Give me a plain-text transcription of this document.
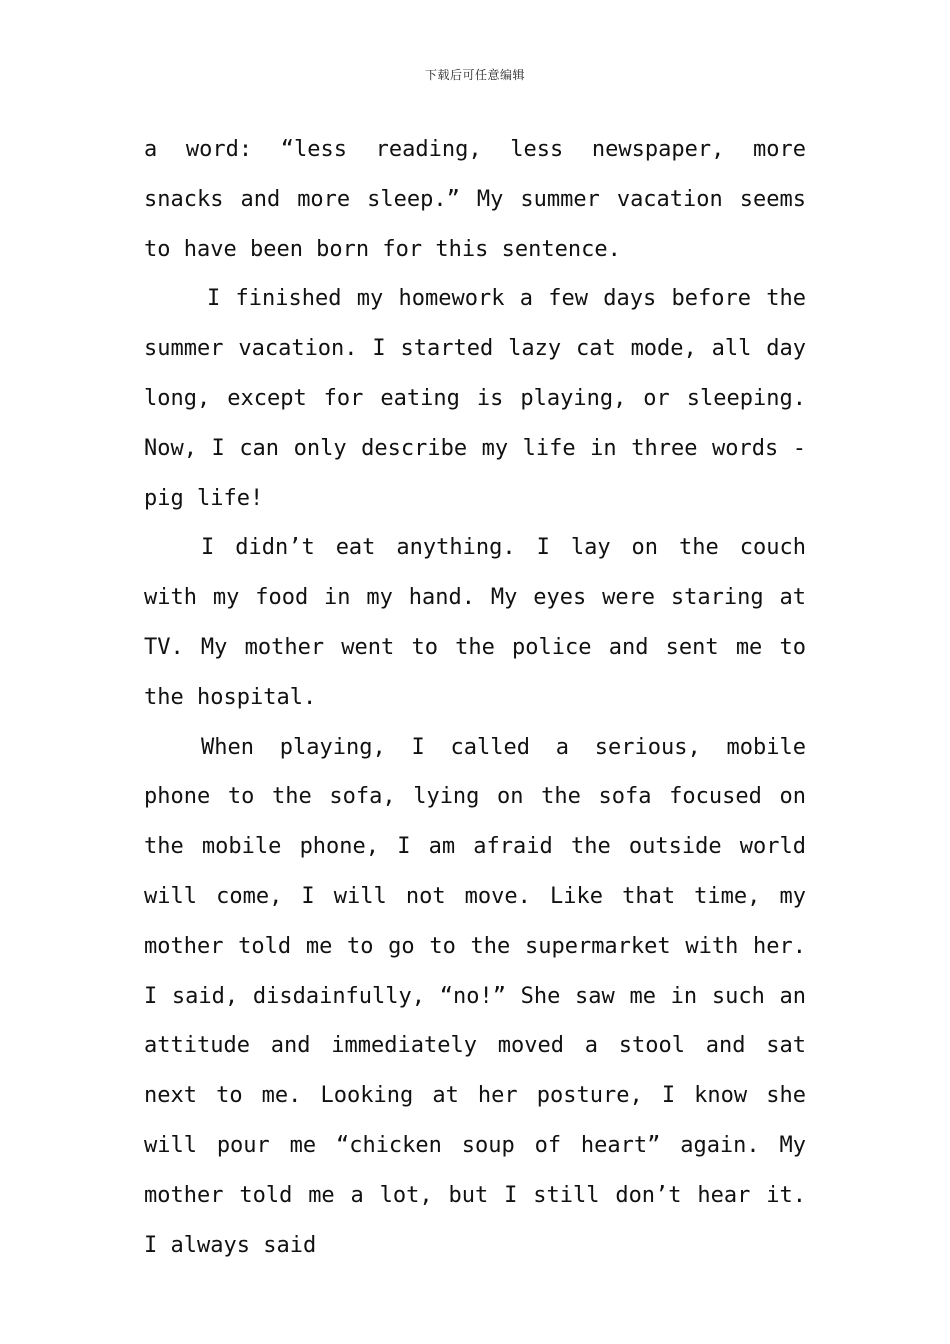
下载后可任意编辑

a word: “less reading, less newspaper, more snacks and more sleep.” My summer vacation seems to have been born for this sentence.

I finished my homework a few days before the summer vacation. I started lazy cat mode, all day long, except for eating is playing, or sleeping. Now, I can only describe my life in three words - pig life!

I didn’t eat anything. I lay on the couch with my food in my hand. My eyes were staring at TV. My mother went to the police and sent me to the hospital.

When playing, I called a serious, mobile phone to the sofa, lying on the sofa focused on the mobile phone, I am afraid the outside world will come, I will not move. Like that time, my mother told me to go to the supermarket with her. I said, disdainfully, “no!” She saw me in such an attitude and immediately moved a stool and sat next to me. Looking at her posture, I know she will pour me “chicken soup of heart” again. My mother told me a lot, but I still don’t hear it. I always said
